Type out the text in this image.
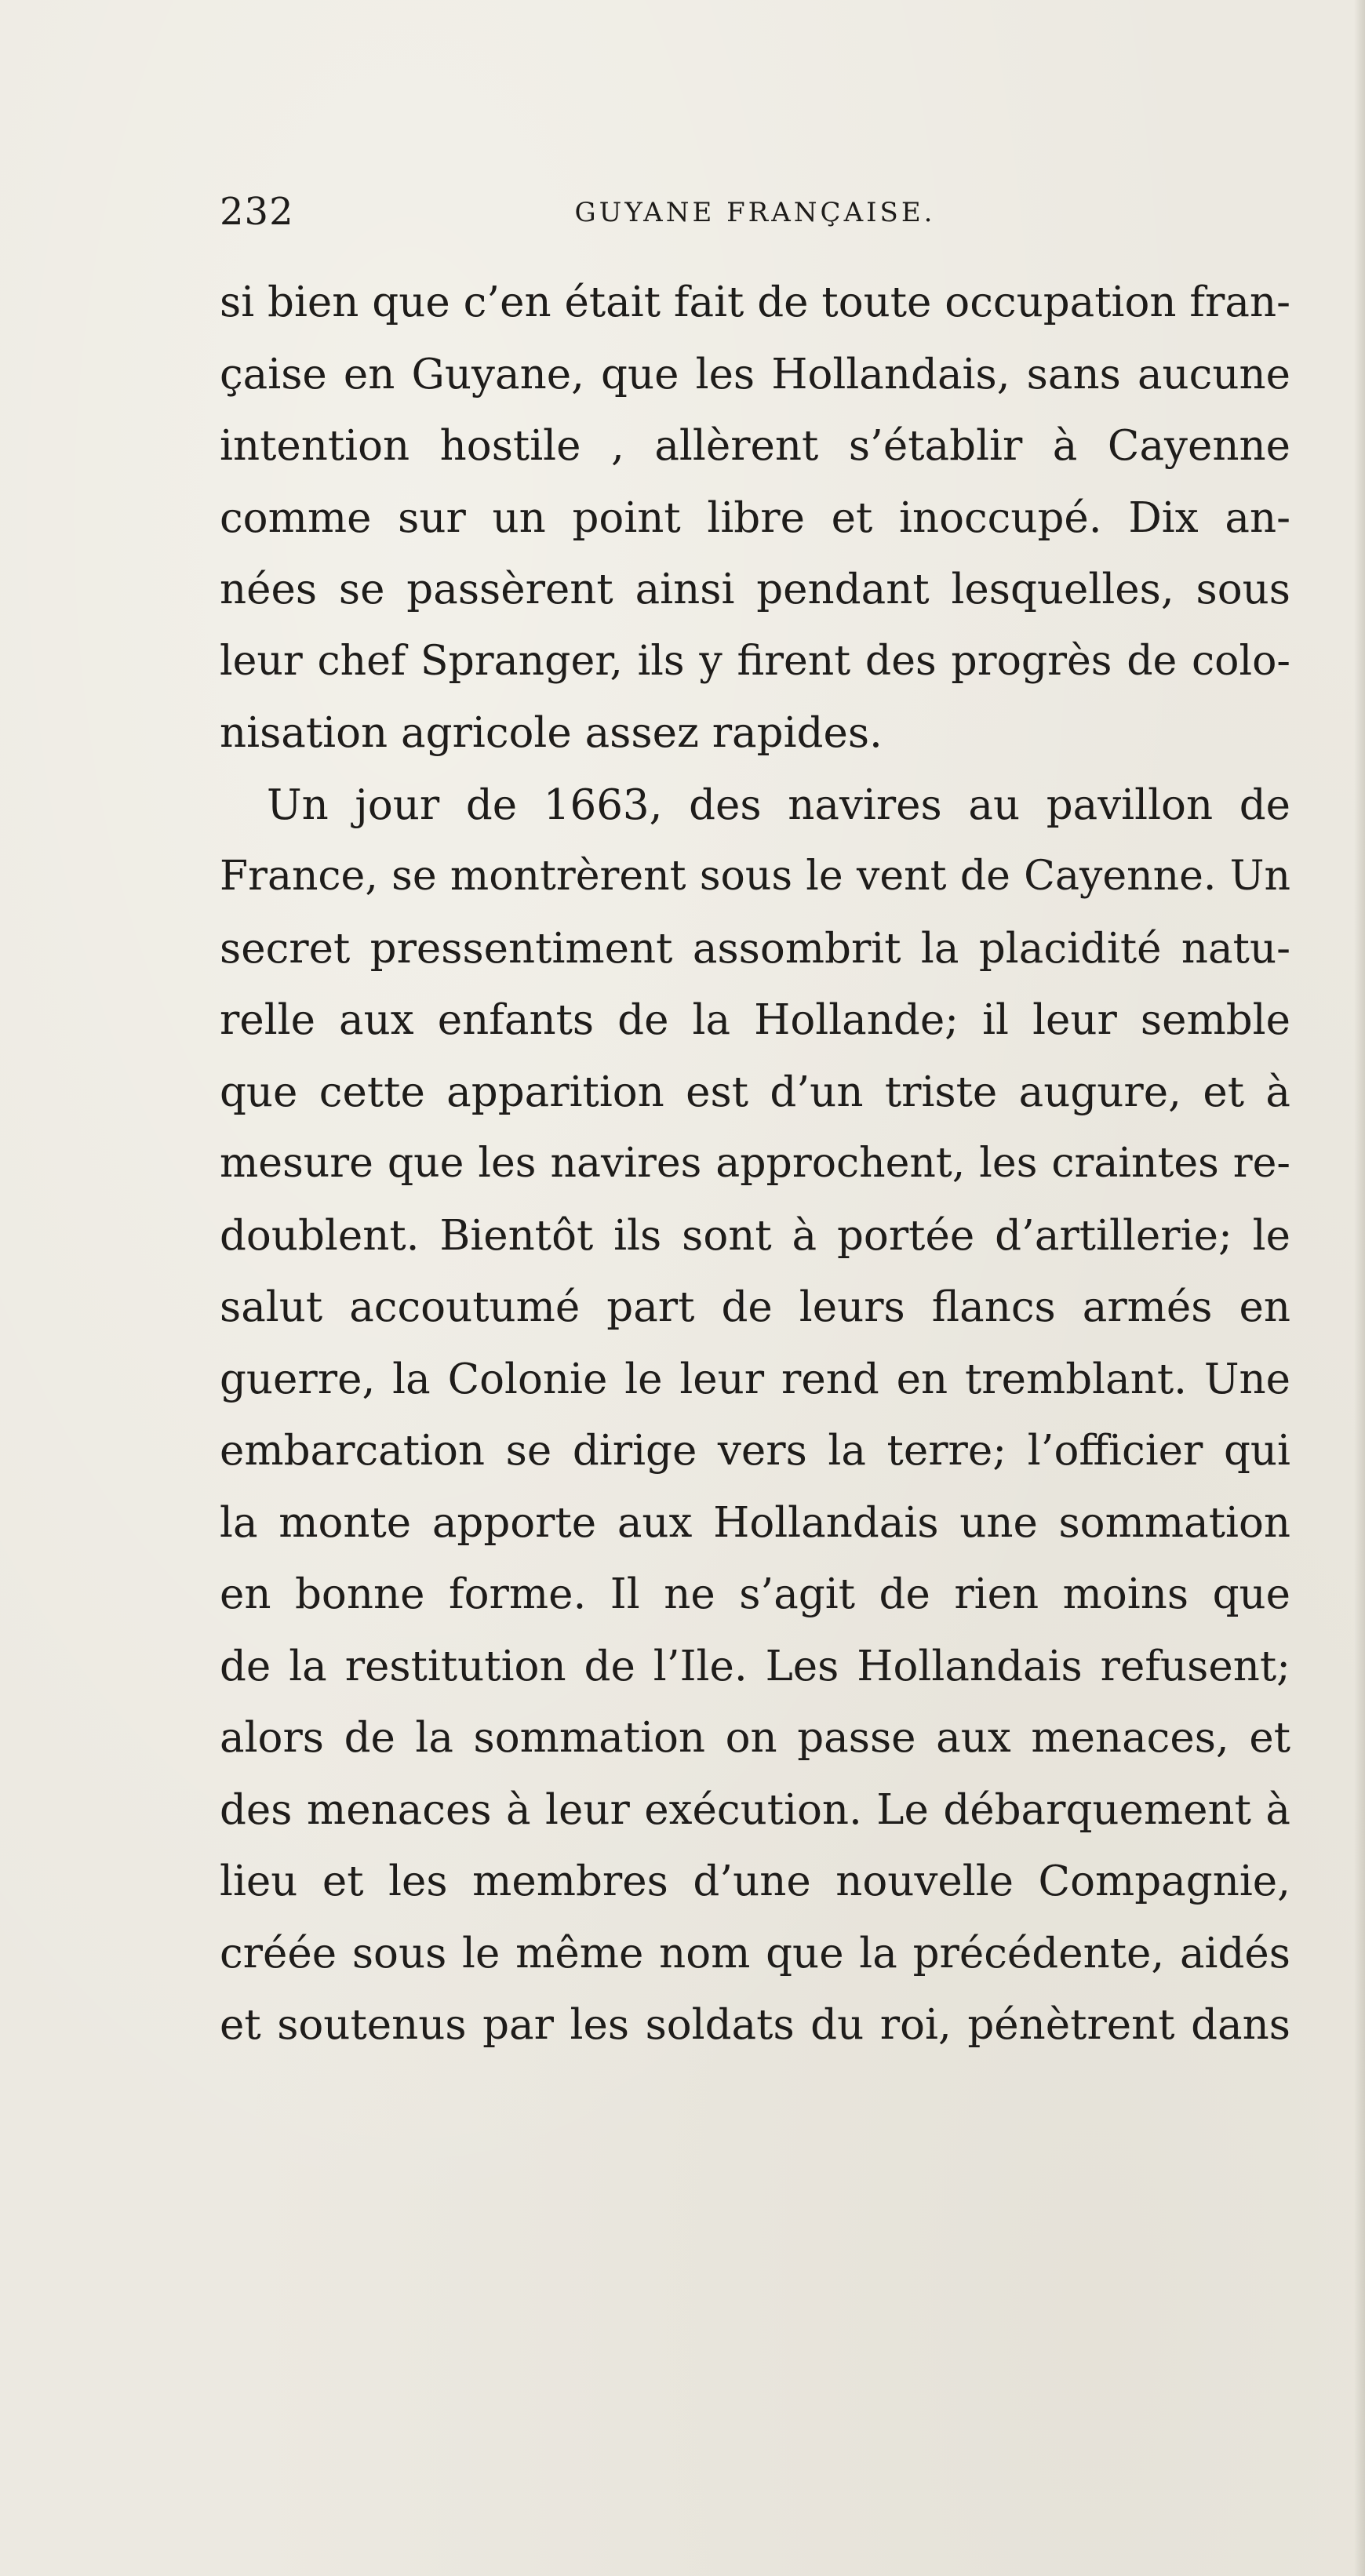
232	GUYANE FRANÇAISE.
si bien que c’en était fait de toute occupation fran-
çaise en Guyane, que les Hollandais, sans aucune
intention hostile , allèrent s’établir à Cayenne
comme sur un point libre et inoccupé. Dix an-
nées se passèrent ainsi pendant lesquelles, sous
leur chef Spranger, ils y firent des progrès de colo-
nisation agricole assez rapides.
Un jour de 1663, des navires au pavillon de
France, se montrèrent sous le vent de Cayenne. Un
secret pressentiment assombrit la placidité natu-
relle aux enfants de la Hollande; il leur semble
que cette apparition est d’un triste augure, et à
mesure que les navires approchent, les craintes re-
doublent. Bientôt ils sont à portée d’artillerie; le
salut accoutumé part de leurs flancs armés en
guerre, la Colonie le leur rend en tremblant. Une
embarcation se dirige vers la terre; l’officier qui
la monte apporte aux Hollandais une sommation
en bonne forme. Il ne s’agit de rien moins que
de la restitution de l’Ile. Les Hollandais refusent;
alors de la sommation on passe aux menaces, et
des menaces à leur exécution. Le débarquement à
lieu et les membres d’une nouvelle Compagnie,
créée sous le même nom que la précédente, aidés
et soutenus par les soldats du roi, pénètrent dans
